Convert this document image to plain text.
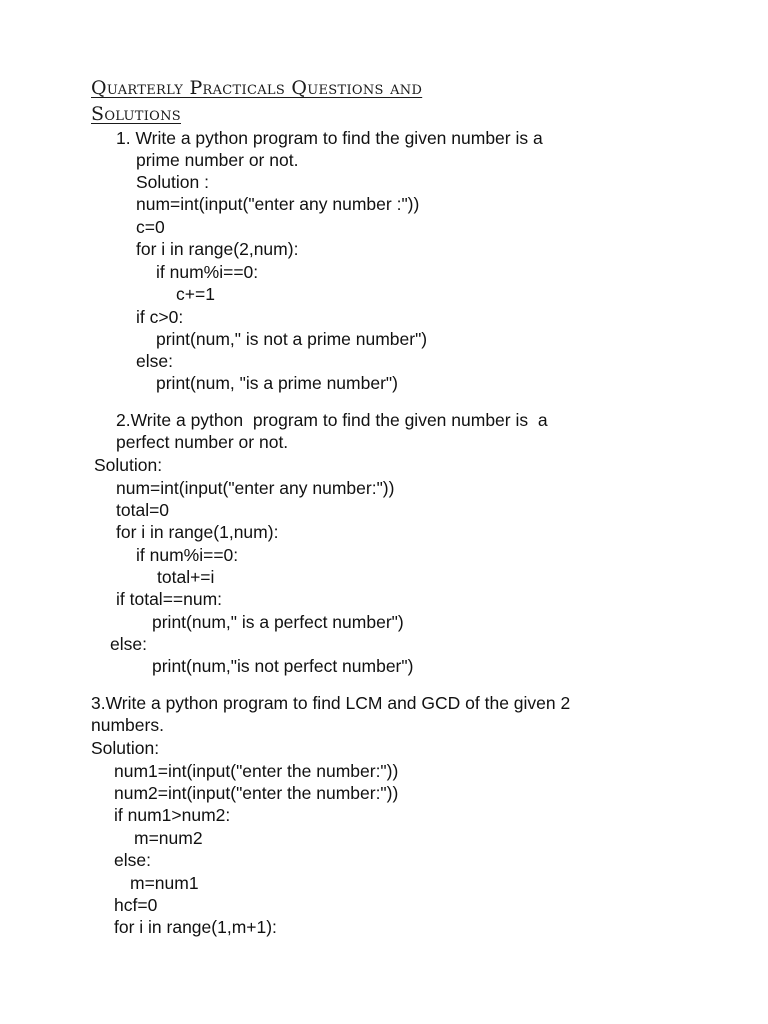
Quarterly Practicals Questions and
Solutions
1. Write a python program to find the given number is a
prime number or not.
Solution :
num=int(input("enter any number :"))
c=0
for i in range(2,num):
if num%i==0:
c+=1
if c>0:
print(num," is not a prime number")
else:
print(num, "is a prime number")
2.Write a python  program to find the given number is  a
perfect number or not.
Solution:
num=int(input("enter any number:"))
total=0
for i in range(1,num):
if num%i==0:
total+=i
if total==num:
print(num," is a perfect number")
else:
print(num,"is not perfect number")
3.Write a python program to find LCM and GCD of the given 2
numbers.
Solution:
num1=int(input("enter the number:"))
num2=int(input("enter the number:"))
if num1>num2:
m=num2
else:
m=num1
hcf=0
for i in range(1,m+1):
